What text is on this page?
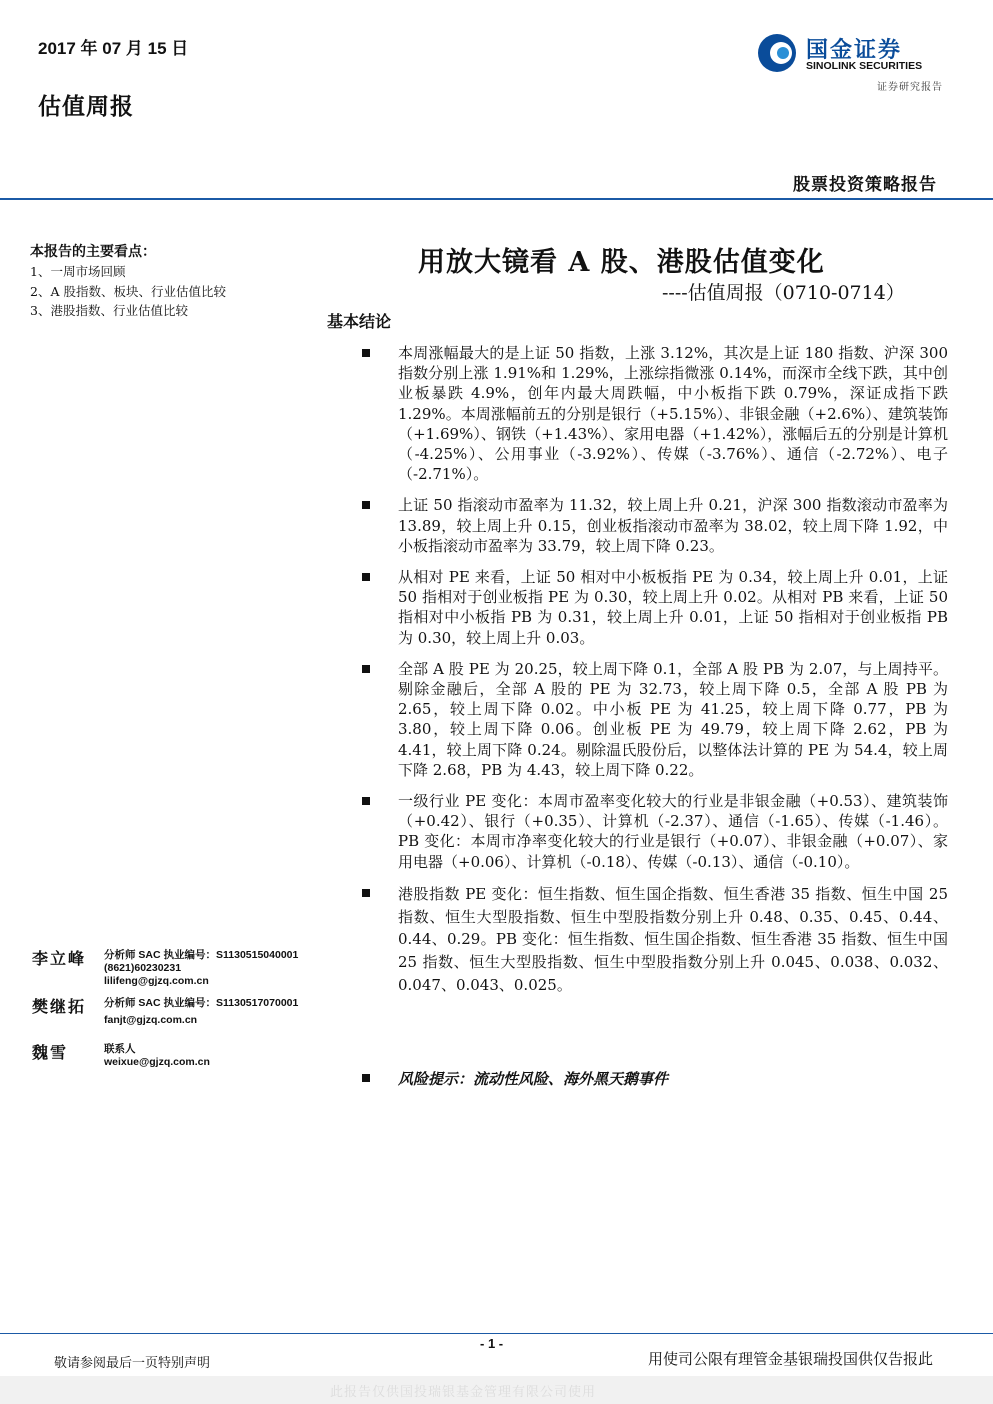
2017 年 07 月 15 日
估值周报
国金证券
SINOLINK SECURITIES
证券研究报告
股票投资策略报告
本报告的主要看点：
1、一周市场回顾
2、A 股指数、板块、行业估值比较
3、港股指数、行业估值比较
用放大镜看 A 股、港股估值变化
----估值周报（0710-0714）
基本结论
本周涨幅最大的是上证 50 指数，上涨 3.12%，其次是上证 180 指数、沪深 300 指数分别上涨 1.91%和 1.29%，上涨综指微涨 0.14%，而深市全线下跌，其中创业板暴跌 4.9%，创年内最大周跌幅，中小板指下跌 0.79%，深证成指下跌 1.29%。本周涨幅前五的分别是银行（+5.15%）、非银金融（+2.6%）、建筑装饰（+1.69%）、钢铁（+1.43%）、家用电器（+1.42%），涨幅后五的分别是计算机（-4.25%）、公用事业（-3.92%）、传媒（-3.76%）、通信（-2.72%）、电子（-2.71%）。
上证 50 指滚动市盈率为 11.32，较上周上升 0.21，沪深 300 指数滚动市盈率为 13.89，较上周上升 0.15，创业板指滚动市盈率为 38.02，较上周下降 1.92，中小板指滚动市盈率为 33.79，较上周下降 0.23。
从相对 PE 来看，上证 50 相对中小板板指 PE 为 0.34，较上周上升 0.01，上证 50 指相对于创业板指 PE 为 0.30，较上周上升 0.02。从相对 PB 来看，上证 50 指相对中小板指 PB 为 0.31，较上周上升 0.01，上证 50 指相对于创业板指 PB 为 0.30，较上周上升 0.03。
全部 A 股 PE 为 20.25，较上周下降 0.1，全部 A 股 PB 为 2.07，与上周持平。剔除金融后，全部 A 股的 PE 为 32.73，较上周下降 0.5，全部 A 股 PB 为 2.65，较上周下降 0.02。中小板 PE 为 41.25，较上周下降 0.77，PB 为 3.80，较上周下降 0.06。创业板 PE 为 49.79，较上周下降 2.62，PB 为 4.41，较上周下降 0.24。剔除温氏股份后，以整体法计算的 PE 为 54.4，较上周下降 2.68，PB 为 4.43，较上周下降 0.22。
一级行业 PE 变化：本周市盈率变化较大的行业是非银金融（+0.53）、建筑装饰（+0.42）、银行（+0.35）、计算机（-2.37）、通信（-1.65）、传媒（-1.46）。 PB 变化：本周市净率变化较大的行业是银行（+0.07）、非银金融（+0.07）、家用电器（+0.06）、计算机（-0.18）、传媒（-0.13）、通信（-0.10）。
港股指数 PE 变化：恒生指数、恒生国企指数、恒生香港 35 指数、恒生中国 25 指数、恒生大型股指数、恒生中型股指数分别上升 0.48、0.35、0.45、0.44、0.44、0.29。PB 变化：恒生指数、恒生国企指数、恒生香港 35 指数、恒生中国 25 指数、恒生大型股指数、恒生中型股指数分别上升 0.045、0.038、0.032、0.047、0.043、0.025。
风险提示：流动性风险、海外黑天鹅事件
李立峰 分析师 SAC 执业编号：S1130515040001
(8621)60230231
lilifeng@gjzq.com.cn
樊继拓 分析师 SAC 执业编号：S1130517070001
fanjt@gjzq.com.cn
魏雪	联系人
weixue@gjzq.com.cn
- 1 -
敬请参阅最后一页特别声明	用使司公限有理管金基银瑞投国供仅告报此
此报告仅供国投瑞银基金管理有限公司使用
